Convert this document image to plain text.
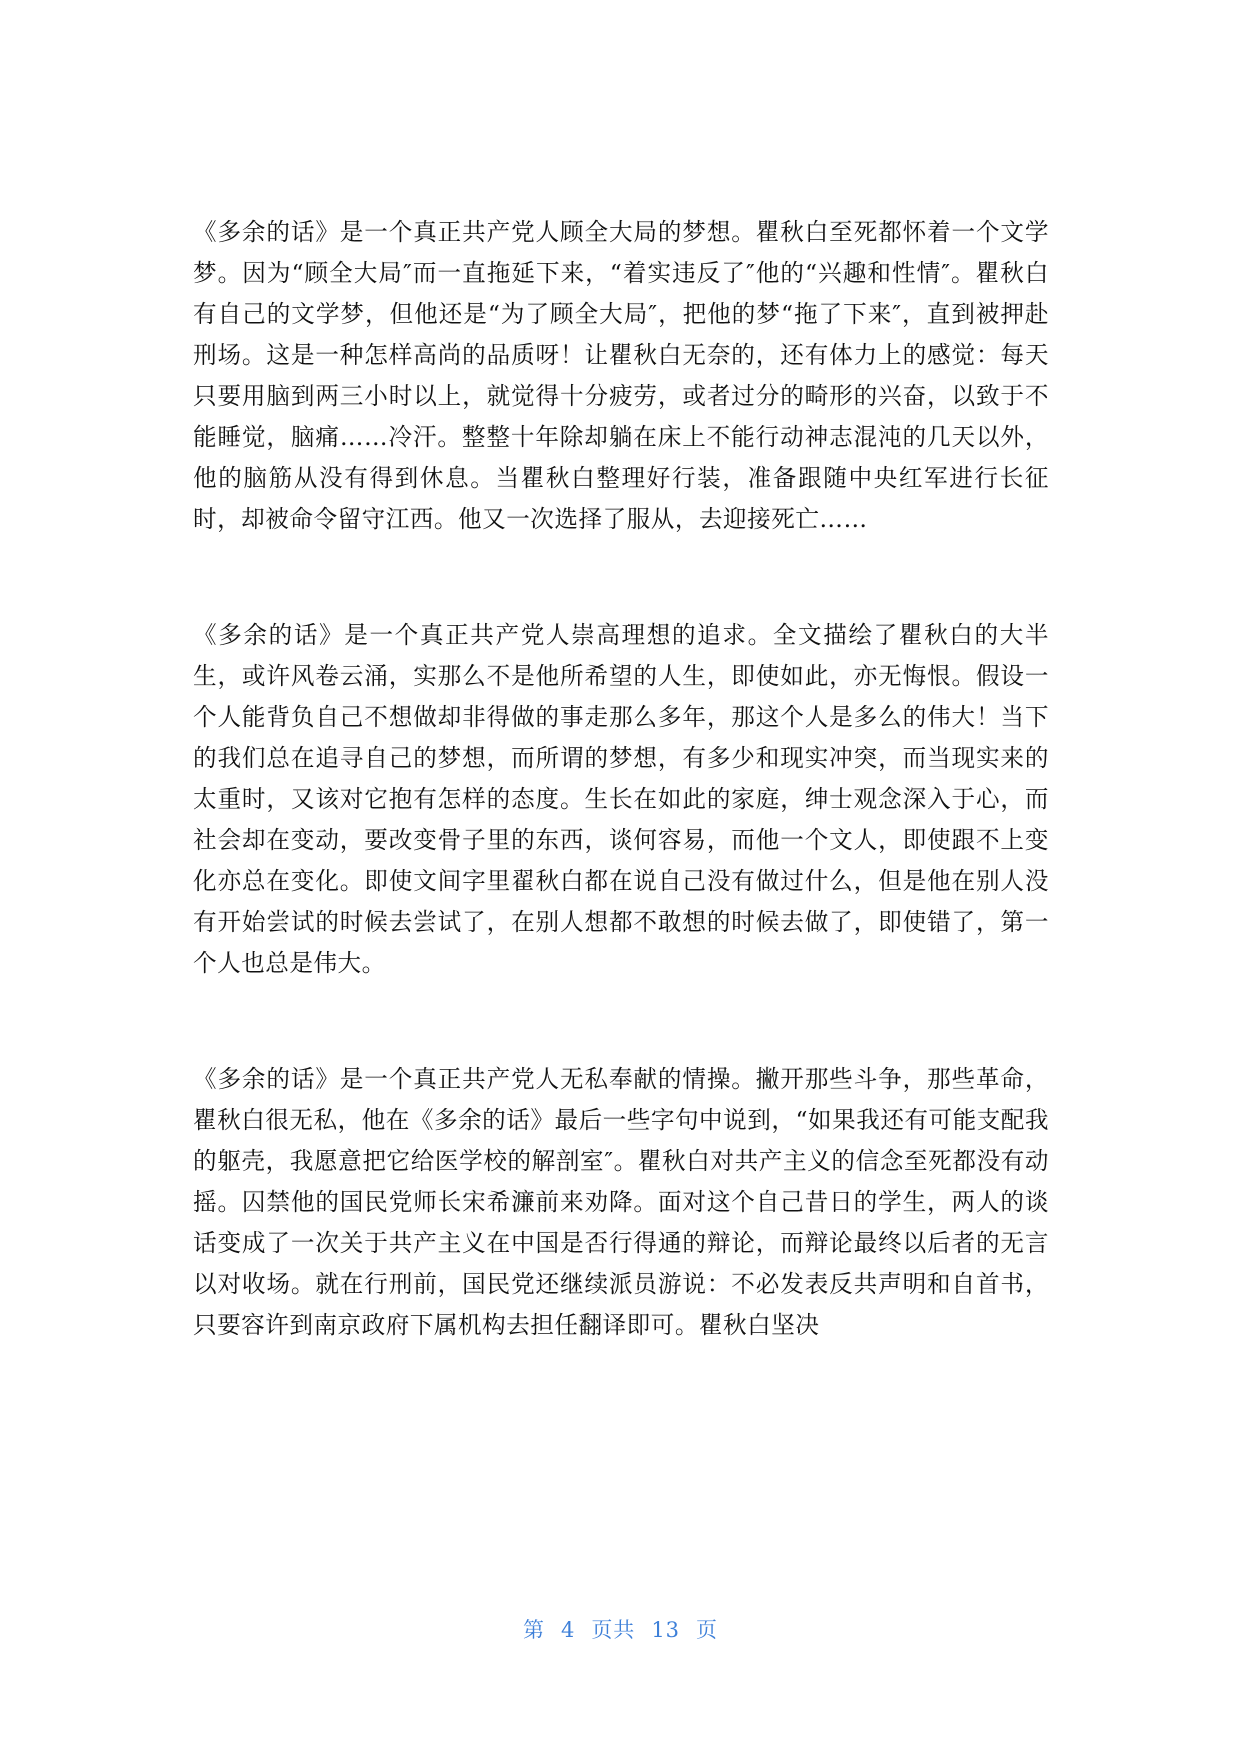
《多余的话》是一个真正共产党人顾全大局的梦想。瞿秋白至死都怀着一个文学梦。因为“顾全大局″而一直拖延下来，“着实违反了″他的“兴趣和性情″。瞿秋白有自己的文学梦，但他还是“为了顾全大局″，把他的梦“拖了下来″，直到被押赴刑场。这是一种怎样高尚的品质呀！让瞿秋白无奈的，还有体力上的感觉：每天只要用脑到两三小时以上，就觉得十分疲劳，或者过分的畸形的兴奋，以致于不能睡觉，脑痛……冷汗。整整十年除却躺在床上不能行动神志混沌的几天以外，他的脑筋从没有得到休息。当瞿秋白整理好行装，准备跟随中央红军进行长征时，却被命令留守江西。他又一次选择了服从，去迎接死亡……

《多余的话》是一个真正共产党人崇高理想的追求。全文描绘了瞿秋白的大半生，或许风卷云涌，实那么不是他所希望的人生，即使如此，亦无悔恨。假设一个人能背负自己不想做却非得做的事走那么多年，那这个人是多么的伟大！当下的我们总在追寻自己的梦想，而所谓的梦想，有多少和现实冲突，而当现实来的太重时，又该对它抱有怎样的态度。生长在如此的家庭，绅士观念深入于心，而社会却在变动，要改变骨子里的东西，谈何容易，而他一个文人，即使跟不上变化亦总在变化。即使文间字里翟秋白都在说自己没有做过什么，但是他在别人没有开始尝试的时候去尝试了，在别人想都不敢想的时候去做了，即使错了，第一个人也总是伟大。

《多余的话》是一个真正共产党人无私奉献的情操。撇开那些斗争，那些革命，瞿秋白很无私，他在《多余的话》最后一些字句中说到，“如果我还有可能支配我的躯壳，我愿意把它给医学校的解剖室″。瞿秋白对共产主义的信念至死都没有动摇。囚禁他的国民党师长宋希濂前来劝降。面对这个自己昔日的学生，两人的谈话变成了一次关于共产主义在中国是否行得通的辩论，而辩论最终以后者的无言以对收场。就在行刑前，国民党还继续派员游说：不必发表反共声明和自首书，只要容许到南京政府下属机构去担任翻译即可。瞿秋白坚决

第 4 页共 13 页
